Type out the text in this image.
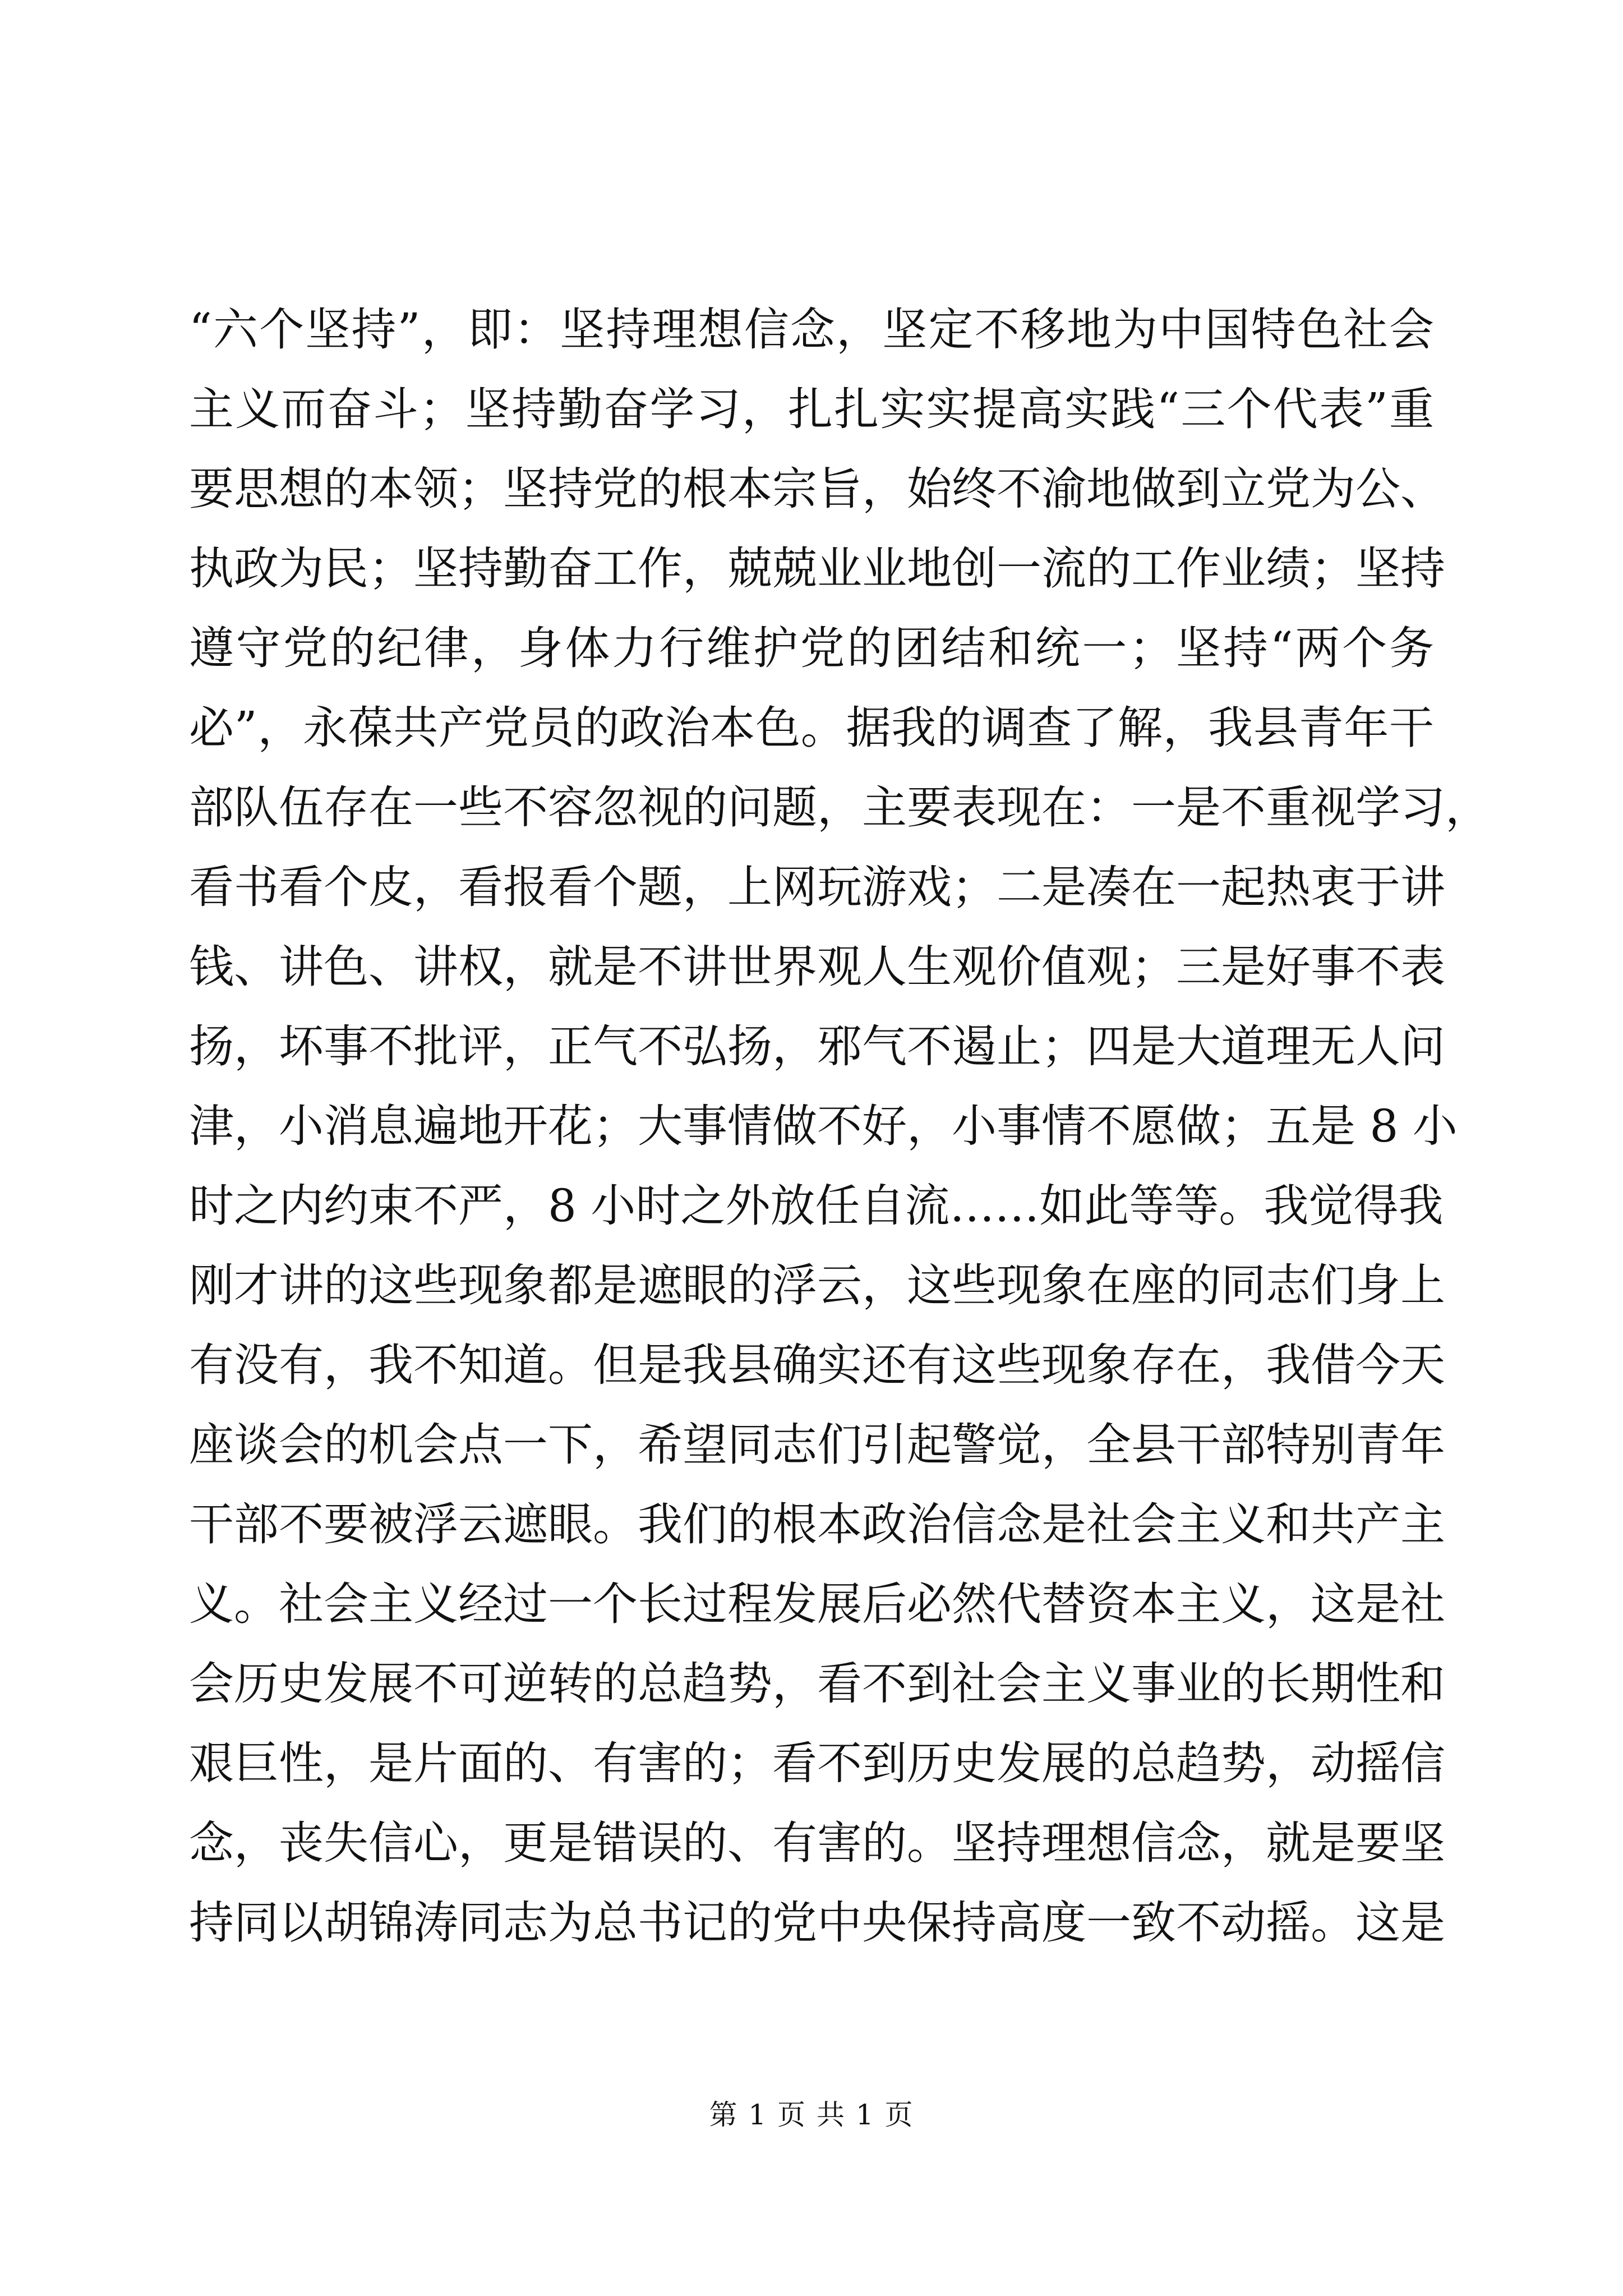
“六个坚持”，即：坚持理想信念，坚定不移地为中国特色社会
主义而奋斗；坚持勤奋学习，扎扎实实提高实践“三个代表”重
要思想的本领；坚持党的根本宗旨，始终不渝地做到立党为公、
执政为民；坚持勤奋工作，兢兢业业地创一流的工作业绩；坚持
遵守党的纪律，身体力行维护党的团结和统一；坚持“两个务
必”，永葆共产党员的政治本色。据我的调查了解，我县青年干
部队伍存在一些不容忽视的问题，主要表现在：一是不重视学习，
看书看个皮，看报看个题，上网玩游戏；二是凑在一起热衷于讲
钱、讲色、讲权，就是不讲世界观人生观价值观；三是好事不表
扬，坏事不批评，正气不弘扬，邪气不遏止；四是大道理无人问
津，小消息遍地开花；大事情做不好，小事情不愿做；五是 8 小
时之内约束不严，8 小时之外放任自流……如此等等。我觉得我
刚才讲的这些现象都是遮眼的浮云，这些现象在座的同志们身上
有没有，我不知道。但是我县确实还有这些现象存在，我借今天
座谈会的机会点一下，希望同志们引起警觉，全县干部特别青年
干部不要被浮云遮眼。我们的根本政治信念是社会主义和共产主
义。社会主义经过一个长过程发展后必然代替资本主义，这是社
会历史发展不可逆转的总趋势，看不到社会主义事业的长期性和
艰巨性，是片面的、有害的；看不到历史发展的总趋势，动摇信
念，丧失信心，更是错误的、有害的。坚持理想信念，就是要坚
持同以胡锦涛同志为总书记的党中央保持高度一致不动摇。这是
第 1 页 共 1 页
